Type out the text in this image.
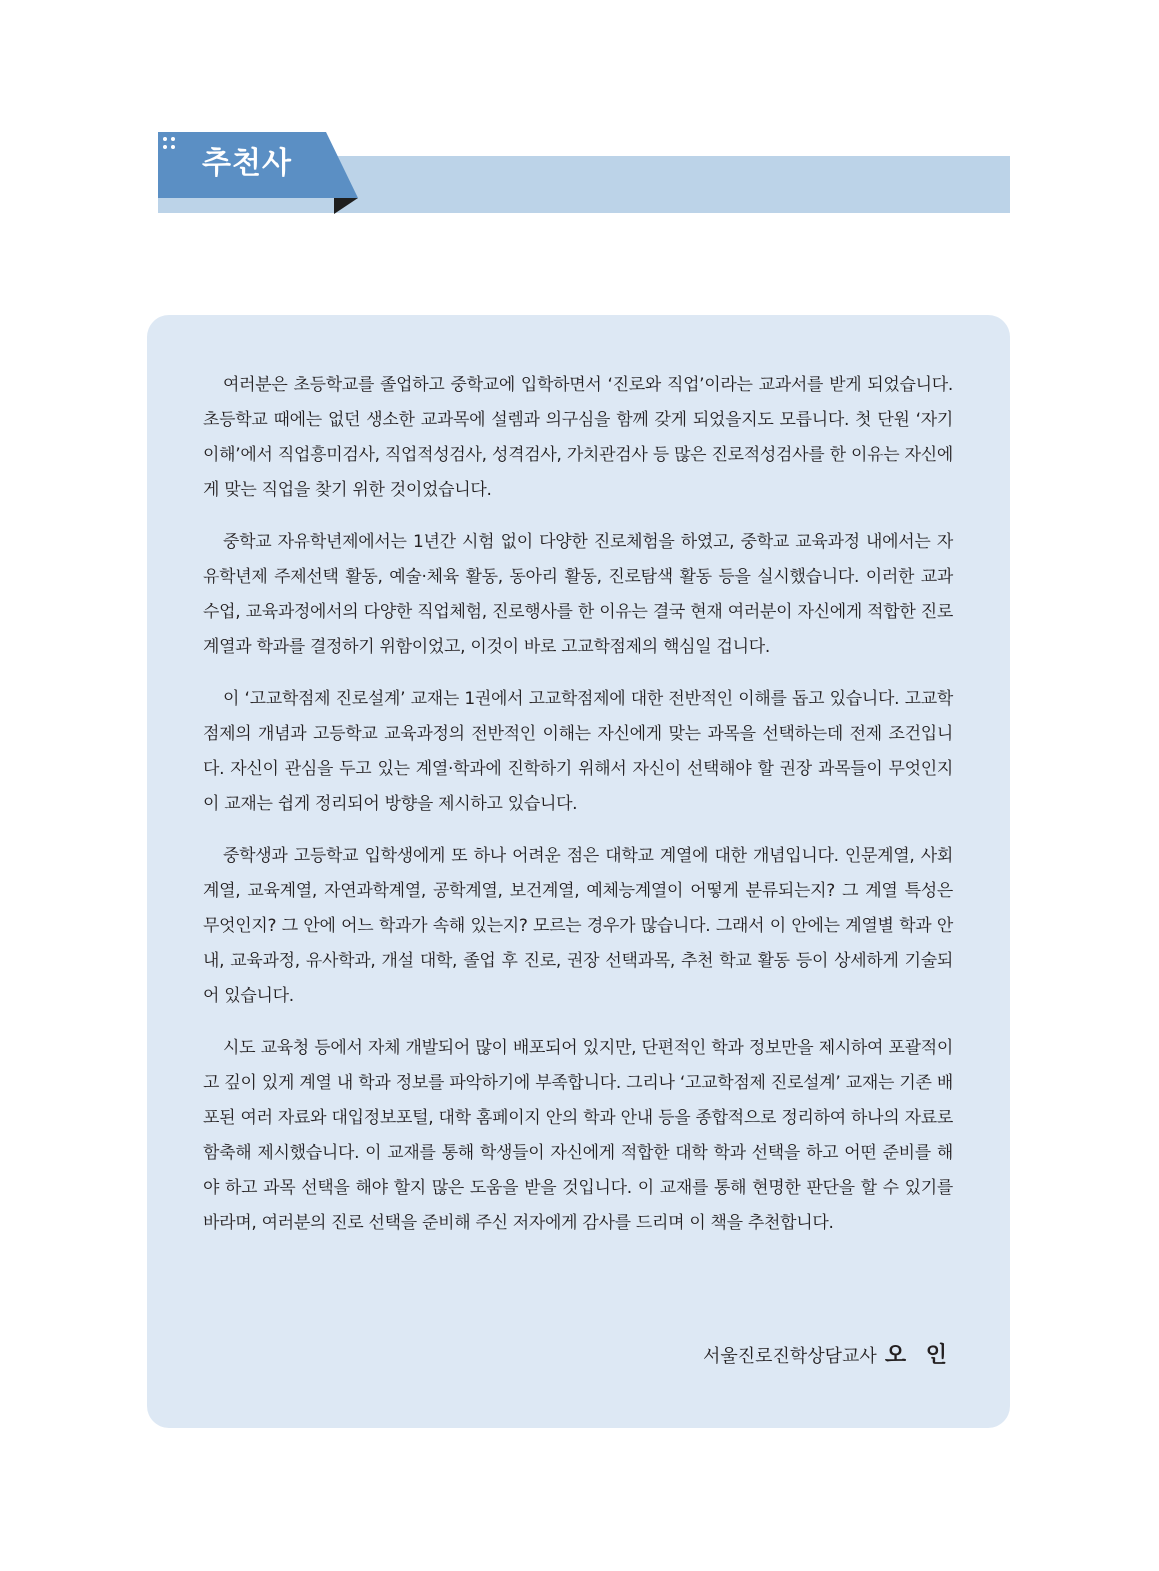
추천사

여러분은 초등학교를 졸업하고 중학교에 입학하면서 ‘진로와 직업’이라는 교과서를 받게 되었습니다. 초등학교 때에는 없던 생소한 교과목에 설렘과 의구심을 함께 갖게 되었을지도 모릅니다. 첫 단원 ‘자기 이해’에서 직업흥미검사, 직업적성검사, 성격검사, 가치관검사 등 많은 진로적성검사를 한 이유는 자신에게 맞는 직업을 찾기 위한 것이었습니다.

중학교 자유학년제에서는 1년간 시험 없이 다양한 진로체험을 하였고, 중학교 교육과정 내에서는 자유학년제 주제선택 활동, 예술·체육 활동, 동아리 활동, 진로탐색 활동 등을 실시했습니다. 이러한 교과 수업, 교육과정에서의 다양한 직업체험, 진로행사를 한 이유는 결국 현재 여러분이 자신에게 적합한 진로 계열과 학과를 결정하기 위함이었고, 이것이 바로 고교학점제의 핵심일 겁니다.

이 ‘고교학점제 진로설계’ 교재는 1권에서 고교학점제에 대한 전반적인 이해를 돕고 있습니다. 고교학점제의 개념과 고등학교 교육과정의 전반적인 이해는 자신에게 맞는 과목을 선택하는데 전제 조건입니다. 자신이 관심을 두고 있는 계열·학과에 진학하기 위해서 자신이 선택해야 할 권장 과목들이 무엇인지 이 교재는 쉽게 정리되어 방향을 제시하고 있습니다.

중학생과 고등학교 입학생에게 또 하나 어려운 점은 대학교 계열에 대한 개념입니다. 인문계열, 사회계열, 교육계열, 자연과학계열, 공학계열, 보건계열, 예체능계열이 어떻게 분류되는지? 그 계열 특성은 무엇인지? 그 안에 어느 학과가 속해 있는지? 모르는 경우가 많습니다. 그래서 이 안에는 계열별 학과 안내, 교육과정, 유사학과, 개설 대학, 졸업 후 진로, 권장 선택과목, 추천 학교 활동 등이 상세하게 기술되어 있습니다.

시도 교육청 등에서 자체 개발되어 많이 배포되어 있지만, 단편적인 학과 정보만을 제시하여 포괄적이고 깊이 있게 계열 내 학과 정보를 파악하기에 부족합니다. 그리나 ‘고교학점제 진로설계’ 교재는 기존 배포된 여러 자료와 대입정보포털, 대학 홈페이지 안의 학과 안내 등을 종합적으로 정리하여 하나의 자료로 함축해 제시했습니다. 이 교재를 통해 학생들이 자신에게 적합한 대학 학과 선택을 하고 어떤 준비를 해야 하고 과목 선택을 해야 할지 많은 도움을 받을 것입니다. 이 교재를 통해 현명한 판단을 할 수 있기를 바라며, 여러분의 진로 선택을 준비해 주신 저자에게 감사를 드리며 이 책을 추천합니다.

서울진로진학상담교사 오 인
